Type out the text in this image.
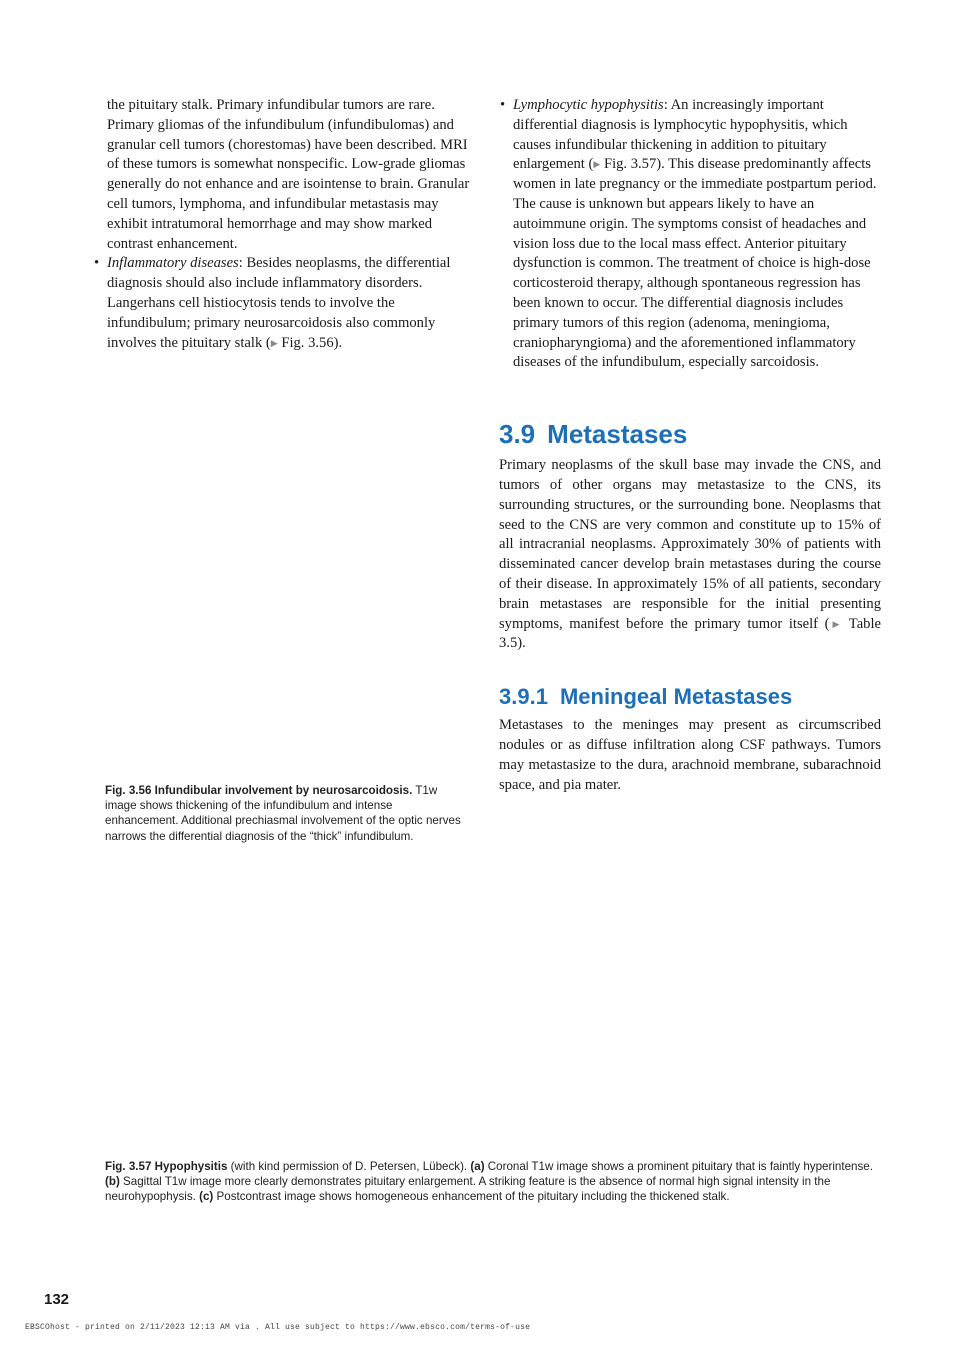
the pituitary stalk. Primary infundibular tumors are rare. Primary gliomas of the infundibulum (infundibulomas) and granular cell tumors (chorestomas) have been described. MRI of these tumors is somewhat nonspecific. Low-grade gliomas generally do not enhance and are isointense to brain. Granular cell tumors, lymphoma, and infundibular metastasis may exhibit intratumoral hemorrhage and may show marked contrast enhancement.

• Inflammatory diseases: Besides neoplasms, the differential diagnosis should also include inflammatory disorders. Langerhans cell histiocytosis tends to involve the infundibulum; primary neurosarcoidosis also commonly involves the pituitary stalk (▶ Fig. 3.56).
• Lymphocytic hypophysitis: An increasingly important differential diagnosis is lymphocytic hypophysitis, which causes infundibular thickening in addition to pituitary enlargement (▶ Fig. 3.57). This disease predominantly affects women in late pregnancy or the immediate postpartum period. The cause is unknown but appears likely to have an autoimmune origin. The symptoms consist of headaches and vision loss due to the local mass effect. Anterior pituitary dysfunction is common. The treatment of choice is high-dose corticosteroid therapy, although spontaneous regression has been known to occur. The differential diagnosis includes primary tumors of this region (adenoma, meningioma, craniopharyngioma) and the aforementioned inflammatory diseases of the infundibulum, especially sarcoidosis.
3.9 Metastases

Primary neoplasms of the skull base may invade the CNS, and tumors of other organs may metastasize to the CNS, its surrounding structures, or the surrounding bone. Neoplasms that seed to the CNS are very common and constitute up to 15% of all intracranial neoplasms. Approximately 30% of patients with disseminated cancer develop brain metastases during the course of their disease. In approximately 15% of all patients, secondary brain metastases are responsible for the initial presenting symptoms, manifest before the primary tumor itself (▶ Table 3.5).

3.9.1 Meningeal Metastases

Metastases to the meninges may present as circumscribed nodules or as diffuse infiltration along CSF pathways. Tumors may metastasize to the dura, arachnoid membrane, subarachnoid space, and pia mater.

Fig. 3.56 Infundibular involvement by neurosarcoidosis. T1w image shows thickening of the infundibulum and intense enhancement. Additional prechiasmal involvement of the optic nerves narrows the differential diagnosis of the “thick” infundibulum.
Fig. 3.57 Hypophysitis (with kind permission of D. Petersen, Lübeck). (a) Coronal T1w image shows a prominent pituitary that is faintly hyperintense. (b) Sagittal T1w image more clearly demonstrates pituitary enlargement. A striking feature is the absence of normal high signal intensity in the neurohypophysis. (c) Postcontrast image shows homogeneous enhancement of the pituitary including the thickened stalk.
132
EBSCOhost - printed on 2/11/2023 12:13 AM via . All use subject to https://www.ebsco.com/terms-of-use
